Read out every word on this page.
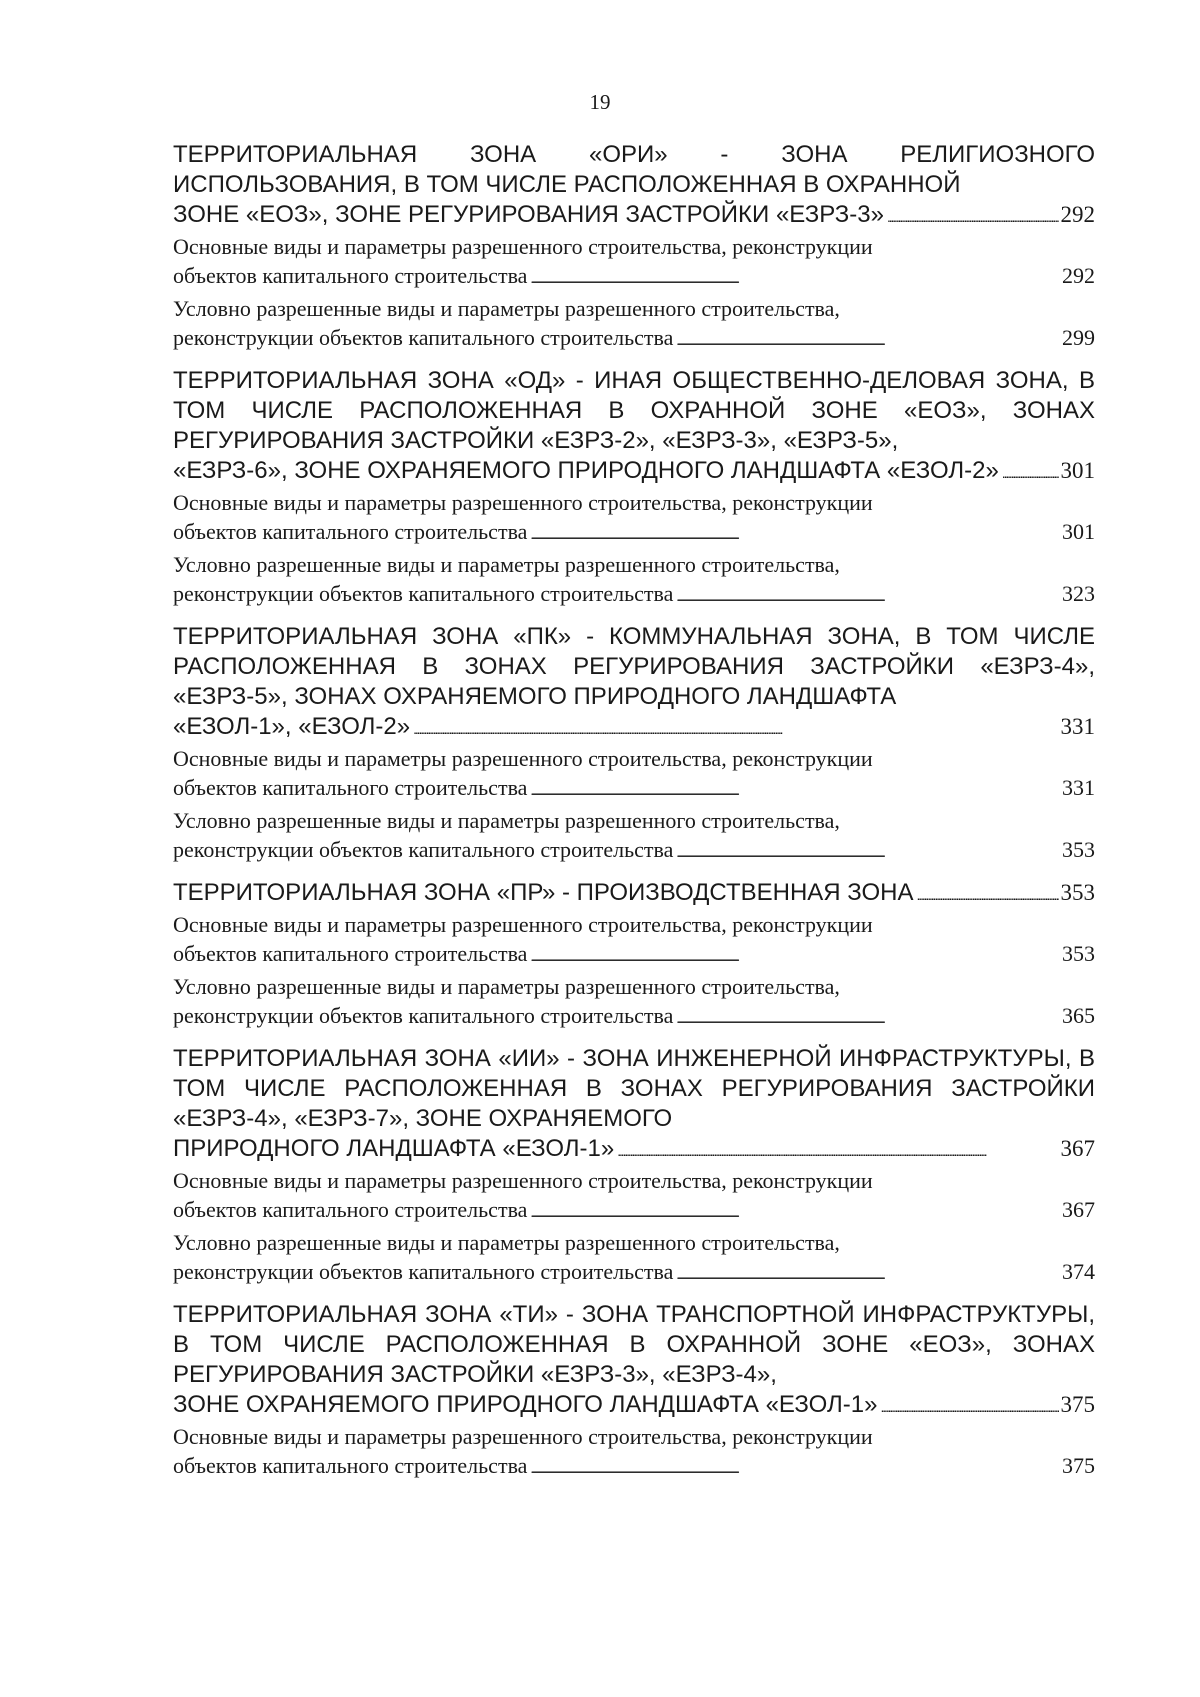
19
ТЕРРИТОРИАЛЬНАЯ ЗОНА «ОРИ» - ЗОНА РЕЛИГИОЗНОГО ИСПОЛЬЗОВАНИЯ, В ТОМ ЧИСЛЕ РАСПОЛОЖЕННАЯ В ОХРАННОЙ
ЗОНЕ «ЕОЗ», ЗОНЕ РЕГУРИРОВАНИЯ ЗАСТРОЙКИ «ЕЗРЗ-3» . . .	292
Основные виды и параметры разрешенного строительства, реконструкции
объектов капитального строительства . . .	292
Условно разрешенные виды и параметры разрешенного строительства,
реконструкции объектов капитального строительства . . .	299
ТЕРРИТОРИАЛЬНАЯ ЗОНА «ОД» - ИНАЯ ОБЩЕСТВЕННО-ДЕЛОВАЯ ЗОНА, В ТОМ ЧИСЛЕ РАСПОЛОЖЕННАЯ В ОХРАННОЙ ЗОНЕ «ЕОЗ», ЗОНАХ РЕГУРИРОВАНИЯ ЗАСТРОЙКИ «ЕЗРЗ-2», «ЕЗРЗ-3», «ЕЗРЗ-5»,
«ЕЗРЗ-6», ЗОНЕ ОХРАНЯЕМОГО ПРИРОДНОГО ЛАНДШАФТА «ЕЗОЛ-2» . . .	301
Основные виды и параметры разрешенного строительства, реконструкции
объектов капитального строительства . . .	301
Условно разрешенные виды и параметры разрешенного строительства,
реконструкции объектов капитального строительства . . .	323
ТЕРРИТОРИАЛЬНАЯ ЗОНА «ПК» - КОММУНАЛЬНАЯ ЗОНА, В ТОМ ЧИСЛЕ РАСПОЛОЖЕННАЯ В ЗОНАХ РЕГУРИРОВАНИЯ ЗАСТРОЙКИ «ЕЗРЗ-4», «ЕЗРЗ-5», ЗОНАХ ОХРАНЯЕМОГО ПРИРОДНОГО ЛАНДШАФТА
«ЕЗОЛ-1», «ЕЗОЛ-2» . . .	331
Основные виды и параметры разрешенного строительства, реконструкции
объектов капитального строительства . . .	331
Условно разрешенные виды и параметры разрешенного строительства,
реконструкции объектов капитального строительства . . .	353
ТЕРРИТОРИАЛЬНАЯ ЗОНА «ПР» - ПРОИЗВОДСТВЕННАЯ ЗОНА . . .	353
Основные виды и параметры разрешенного строительства, реконструкции
объектов капитального строительства . . .	353
Условно разрешенные виды и параметры разрешенного строительства,
реконструкции объектов капитального строительства . . .	365
ТЕРРИТОРИАЛЬНАЯ ЗОНА «ИИ» - ЗОНА ИНЖЕНЕРНОЙ ИНФРАСТРУКТУРЫ, В ТОМ ЧИСЛЕ РАСПОЛОЖЕННАЯ В ЗОНАХ РЕГУРИРОВАНИЯ ЗАСТРОЙКИ «ЕЗРЗ-4», «ЕЗРЗ-7», ЗОНЕ ОХРАНЯЕМОГО
ПРИРОДНОГО ЛАНДШАФТА «ЕЗОЛ-1» . . .	367
Основные виды и параметры разрешенного строительства, реконструкции
объектов капитального строительства . . .	367
Условно разрешенные виды и параметры разрешенного строительства,
реконструкции объектов капитального строительства . . .	374
ТЕРРИТОРИАЛЬНАЯ ЗОНА «ТИ» - ЗОНА ТРАНСПОРТНОЙ ИНФРАСТРУКТУРЫ, В ТОМ ЧИСЛЕ РАСПОЛОЖЕННАЯ В ОХРАННОЙ ЗОНЕ «ЕОЗ», ЗОНАХ РЕГУРИРОВАНИЯ ЗАСТРОЙКИ «ЕЗРЗ-3», «ЕЗРЗ-4»,
ЗОНЕ ОХРАНЯЕМОГО ПРИРОДНОГО ЛАНДШАФТА «ЕЗОЛ-1» . . .	375
Основные виды и параметры разрешенного строительства, реконструкции
объектов капитального строительства . . .	375
